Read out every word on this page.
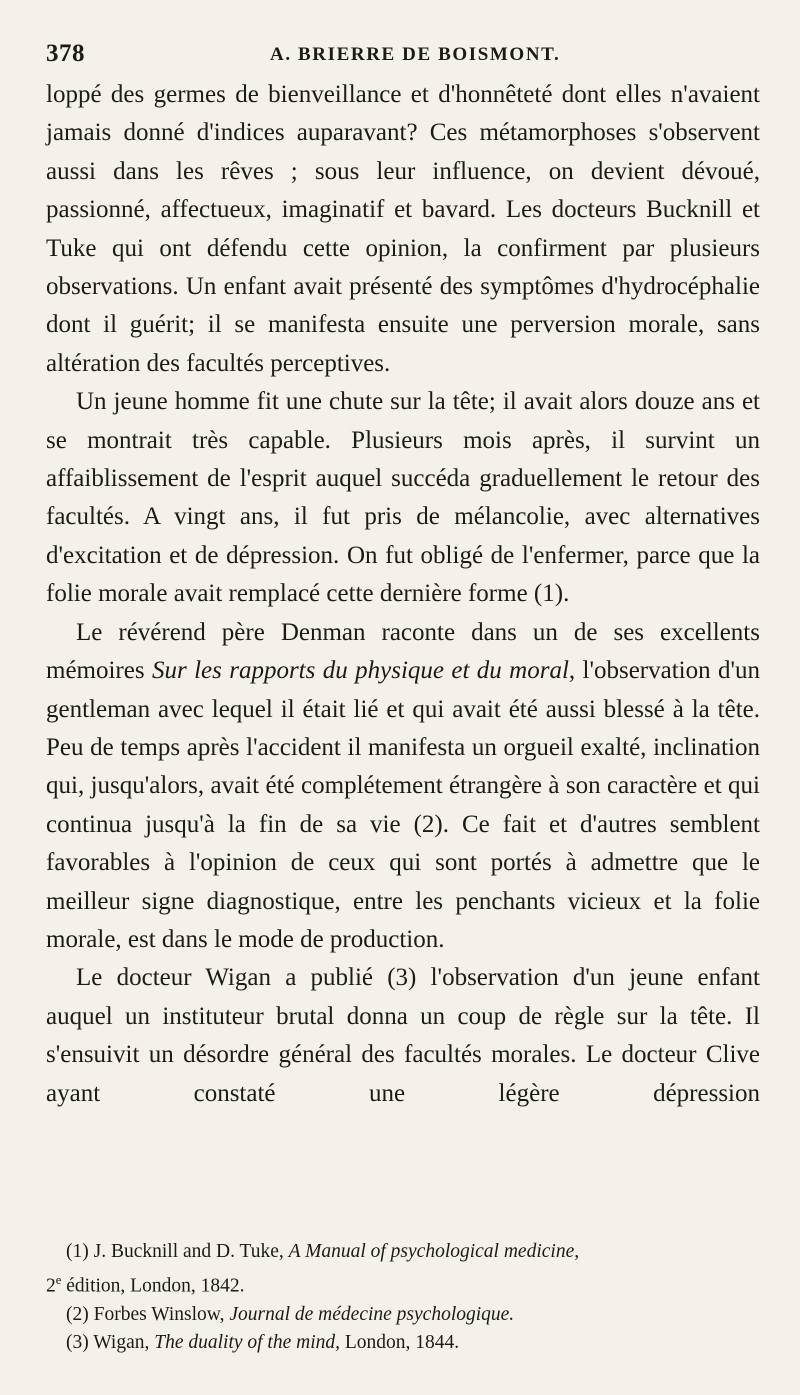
378	A. BRIERRE DE BOISMONT.

loppé des germes de bienveillance et d'honnêteté dont elles n'avaient jamais donné d'indices auparavant? Ces métamorphoses s'observent aussi dans les rêves ; sous leur influence, on devient dévoué, passionné, affectueux, imaginatif et bavard. Les docteurs Bucknill et Tuke qui ont défendu cette opinion, la confirment par plusieurs observations. Un enfant avait présenté des symptômes d'hydrocéphalie dont il guérit; il se manifesta ensuite une perversion morale, sans altération des facultés perceptives.

Un jeune homme fit une chute sur la tête; il avait alors douze ans et se montrait très capable. Plusieurs mois après, il survint un affaiblissement de l'esprit auquel succéda graduellement le retour des facultés. A vingt ans, il fut pris de mélancolie, avec alternatives d'excitation et de dépression. On fut obligé de l'enfermer, parce que la folie morale avait remplacé cette dernière forme (1).

Le révérend père Denman raconte dans un de ses excellents mémoires Sur les rapports du physique et du moral, l'observation d'un gentleman avec lequel il était lié et qui avait été aussi blessé à la tête. Peu de temps après l'accident il manifesta un orgueil exalté, inclination qui, jusqu'alors, avait été complétement étrangère à son caractère et qui continua jusqu'à la fin de sa vie (2). Ce fait et d'autres semblent favorables à l'opinion de ceux qui sont portés à admettre que le meilleur signe diagnostique, entre les penchants vicieux et la folie morale, est dans le mode de production.

Le docteur Wigan a publié (3) l'observation d'un jeune enfant auquel un instituteur brutal donna un coup de règle sur la tête. Il s'ensuivit un désordre général des facultés morales. Le docteur Clive ayant constaté une légère dépression

(1) J. Bucknill and D. Tuke, A Manual of psychological medicine,
2e édition, London, 1842.

(2) Forbes Winslow, Journal de médecine psychologique.

(3) Wigan, The duality of the mind, London, 1844.
